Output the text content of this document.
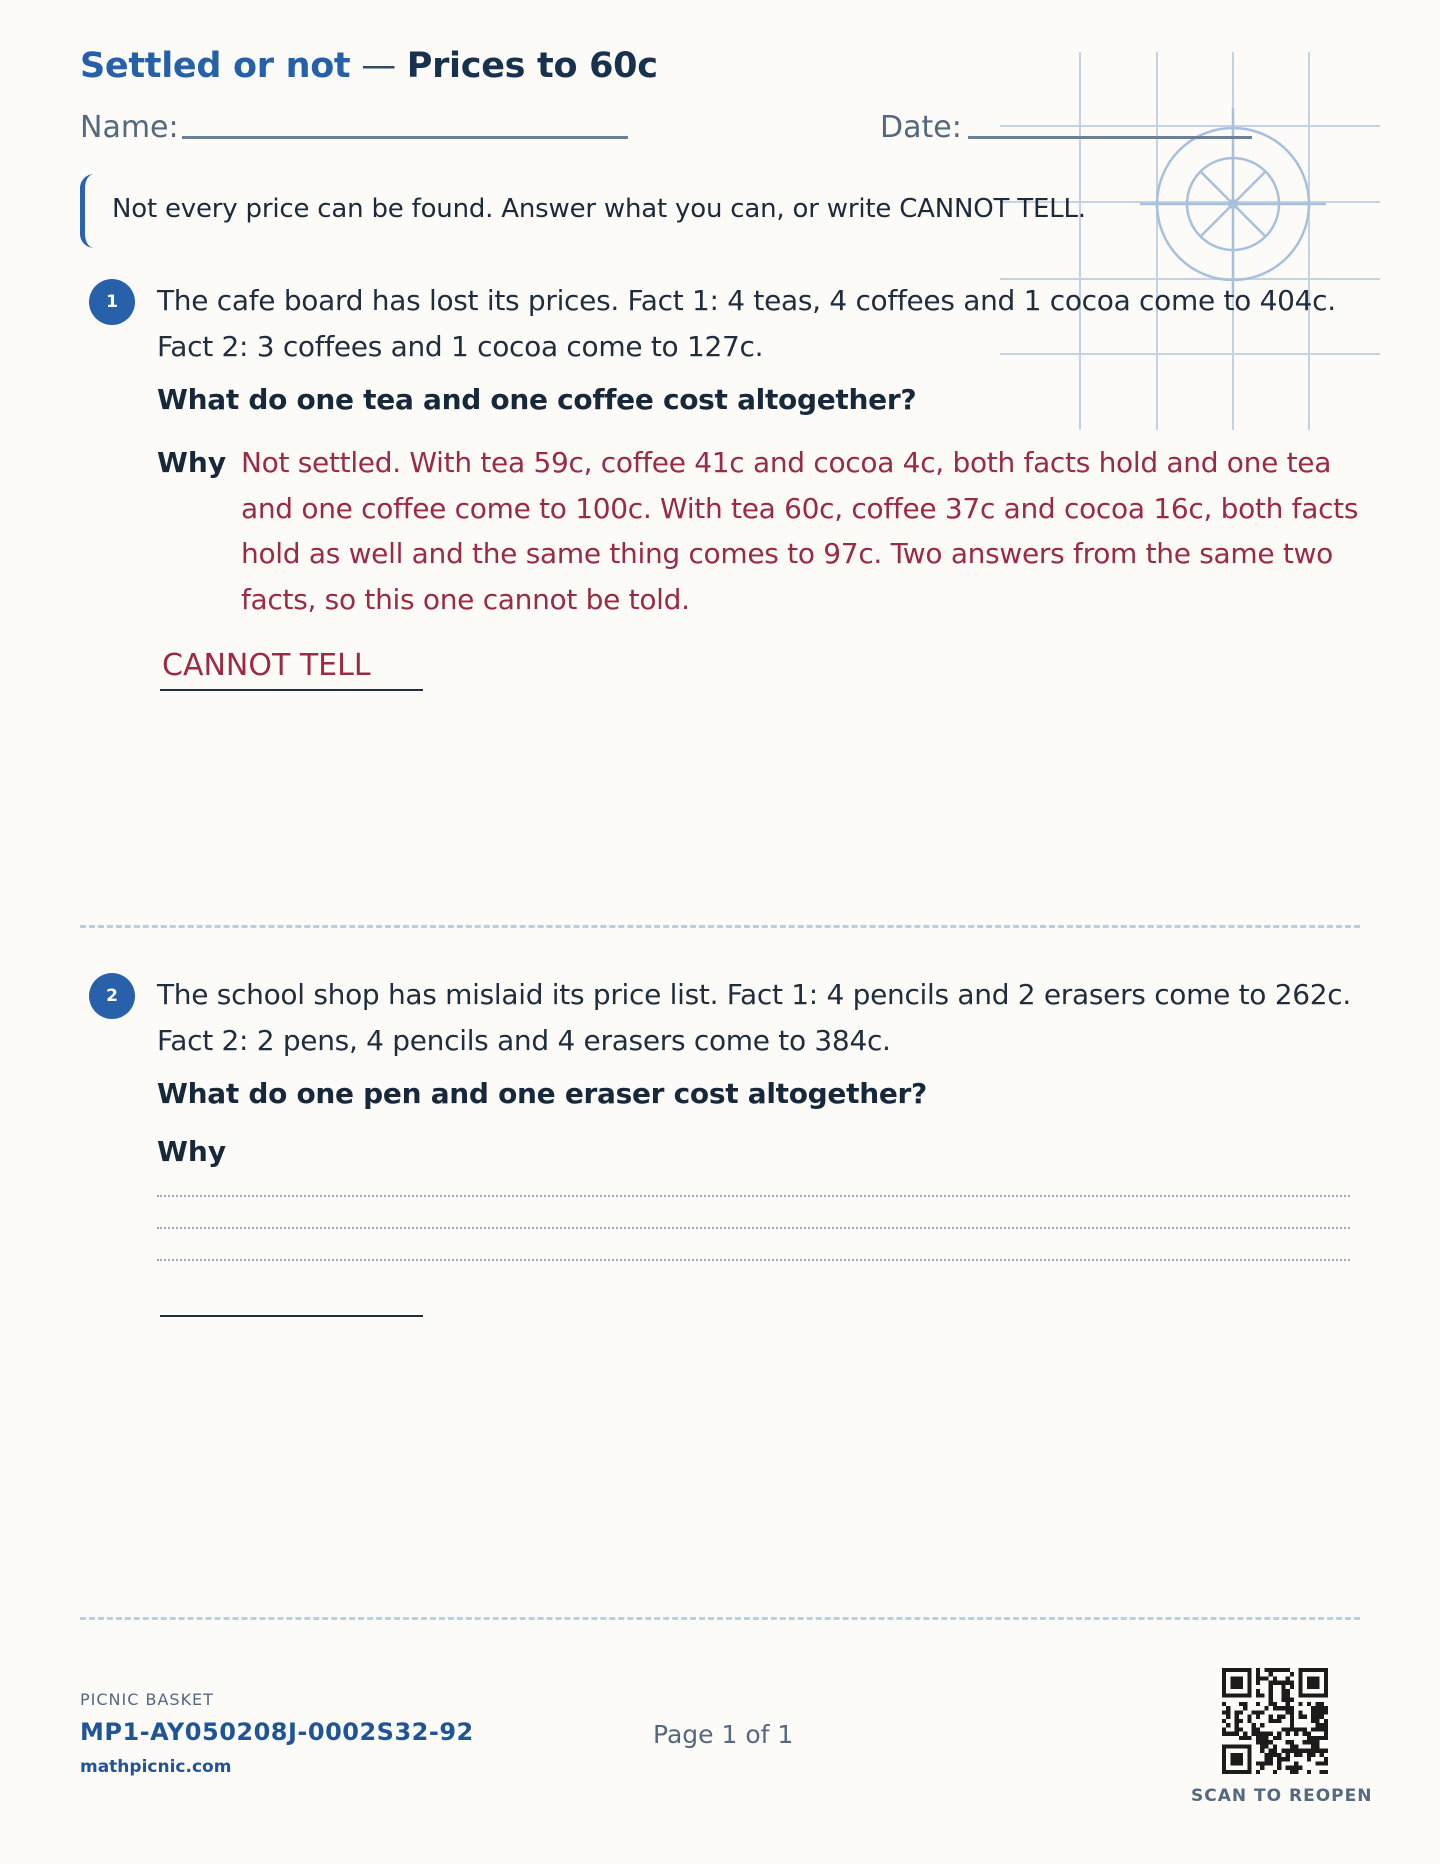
Settled or not — Prices to 60c
Name:	Date:
Not every price can be found. Answer what you can, or write CANNOT TELL.
1	The cafe board has lost its prices. Fact 1: 4 teas, 4 coffees and 1 cocoa come to 404c.
Fact 2: 3 coffees and 1 cocoa come to 127c.
What do one tea and one coffee cost altogether?
Why Not settled. With tea 59c, coffee 41c and cocoa 4c, both facts hold and one tea
and one coffee come to 100c. With tea 60c, coffee 37c and cocoa 16c, both facts
hold as well and the same thing comes to 97c. Two answers from the same two
facts, so this one cannot be told.
CANNOT TELL
2	The school shop has mislaid its price list. Fact 1: 4 pencils and 2 erasers come to 262c.
Fact 2: 2 pens, 4 pencils and 4 erasers come to 384c.
What do one pen and one eraser cost altogether?
Why
PICNIC BASKET
MP1-AY050208J-0002S32-92
mathpicnic.com
Page 1 of 1
SCAN TO REOPEN
